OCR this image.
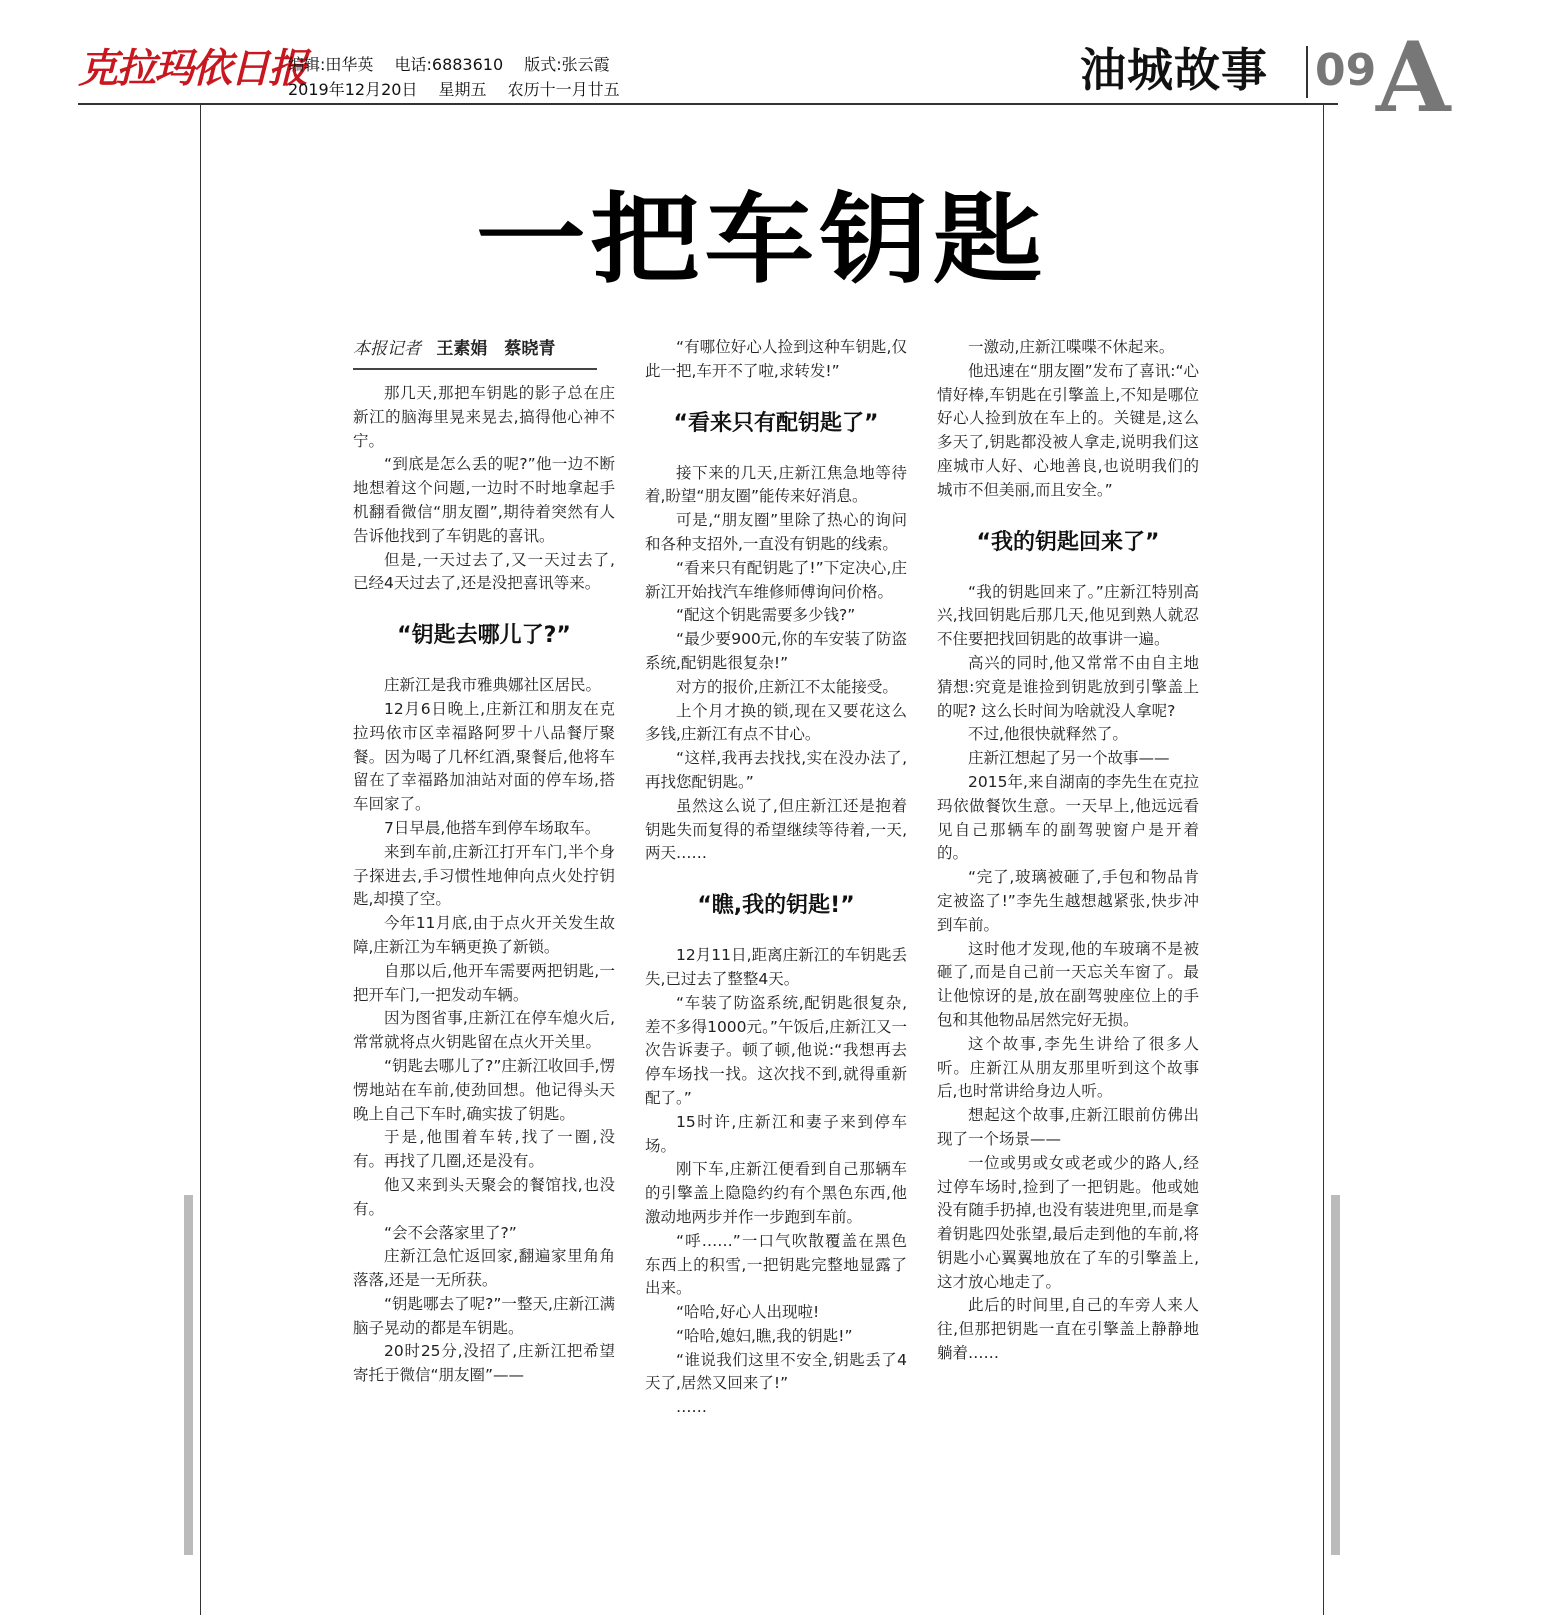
克拉玛依日报
编辑:田华英 电话:6883610 版式:张云霞
2019年12月20日 星期五 农历十一月廿五	油城故事 09 A
一把车钥匙
本报记者 王素娟　蔡晓青

那几天,那把车钥匙的影子总在庄新江的脑海里晃来晃去,搞得他心神不宁。

“到底是怎么丢的呢?”他一边不断地想着这个问题,一边时不时地拿起手机翻看微信“朋友圈”,期待着突然有人告诉他找到了车钥匙的喜讯。

但是,一天过去了,又一天过去了,已经4天过去了,还是没把喜讯等来。

“钥匙去哪儿了?”

庄新江是我市雅典娜社区居民。

12月6日晚上,庄新江和朋友在克拉玛依市区幸福路阿罗十八品餐厅聚餐。因为喝了几杯红酒,聚餐后,他将车留在了幸福路加油站对面的停车场,搭车回家了。

7日早晨,他搭车到停车场取车。

来到车前,庄新江打开车门,半个身子探进去,手习惯性地伸向点火处拧钥匙,却摸了空。

今年11月底,由于点火开关发生故障,庄新江为车辆更换了新锁。

自那以后,他开车需要两把钥匙,一把开车门,一把发动车辆。

因为图省事,庄新江在停车熄火后,常常就将点火钥匙留在点火开关里。

“钥匙去哪儿了?”庄新江收回手,愣愣地站在车前,使劲回想。他记得头天晚上自己下车时,确实拔了钥匙。

于是,他围着车转,找了一圈,没有。再找了几圈,还是没有。

他又来到头天聚会的餐馆找,也没有。

“会不会落家里了?”

庄新江急忙返回家,翻遍家里角角落落,还是一无所获。

“钥匙哪去了呢?”一整天,庄新江满脑子晃动的都是车钥匙。

20时25分,没招了,庄新江把希望寄托于微信“朋友圈”——

“有哪位好心人捡到这种车钥匙,仅此一把,车开不了啦,求转发!”

“看来只有配钥匙了”

接下来的几天,庄新江焦急地等待着,盼望“朋友圈”能传来好消息。

可是,“朋友圈”里除了热心的询问和各种支招外,一直没有钥匙的线索。

“看来只有配钥匙了!”下定决心,庄新江开始找汽车维修师傅询问价格。

“配这个钥匙需要多少钱?”

“最少要900元,你的车安装了防盗系统,配钥匙很复杂!”

对方的报价,庄新江不太能接受。

上个月才换的锁,现在又要花这么多钱,庄新江有点不甘心。

“这样,我再去找找,实在没办法了,再找您配钥匙。”

虽然这么说了,但庄新江还是抱着钥匙失而复得的希望继续等待着,一天,两天……

“瞧,我的钥匙!”

12月11日,距离庄新江的车钥匙丢失,已过去了整整4天。

“车装了防盗系统,配钥匙很复杂,差不多得1000元。”午饭后,庄新江又一次告诉妻子。顿了顿,他说:“我想再去停车场找一找。这次找不到,就得重新配了。”

15时许,庄新江和妻子来到停车场。

刚下车,庄新江便看到自己那辆车的引擎盖上隐隐约约有个黑色东西,他激动地两步并作一步跑到车前。

“呼……”一口气吹散覆盖在黑色东西上的积雪,一把钥匙完整地显露了出来。

“哈哈,好心人出现啦!

“哈哈,媳妇,瞧,我的钥匙!”

“谁说我们这里不安全,钥匙丢了4天了,居然又回来了!”

……

一激动,庄新江喋喋不休起来。

他迅速在“朋友圈”发布了喜讯:“心情好棒,车钥匙在引擎盖上,不知是哪位好心人捡到放在车上的。关键是,这么多天了,钥匙都没被人拿走,说明我们这座城市人好、心地善良,也说明我们的城市不但美丽,而且安全。”

“我的钥匙回来了”

“我的钥匙回来了。”庄新江特别高兴,找回钥匙后那几天,他见到熟人就忍不住要把找回钥匙的故事讲一遍。

高兴的同时,他又常常不由自主地猜想:究竟是谁捡到钥匙放到引擎盖上的呢? 这么长时间为啥就没人拿呢?

不过,他很快就释然了。

庄新江想起了另一个故事——

2015年,来自湖南的李先生在克拉玛依做餐饮生意。一天早上,他远远看见自己那辆车的副驾驶窗户是开着的。

“完了,玻璃被砸了,手包和物品肯定被盗了!”李先生越想越紧张,快步冲到车前。

这时他才发现,他的车玻璃不是被砸了,而是自己前一天忘关车窗了。最让他惊讶的是,放在副驾驶座位上的手包和其他物品居然完好无损。

这个故事,李先生讲给了很多人听。庄新江从朋友那里听到这个故事后,也时常讲给身边人听。

想起这个故事,庄新江眼前仿佛出现了一个场景——

一位或男或女或老或少的路人,经过停车场时,捡到了一把钥匙。他或她没有随手扔掉,也没有装进兜里,而是拿着钥匙四处张望,最后走到他的车前,将钥匙小心翼翼地放在了车的引擎盖上,这才放心地走了。

此后的时间里,自己的车旁人来人往,但那把钥匙一直在引擎盖上静静地躺着……
